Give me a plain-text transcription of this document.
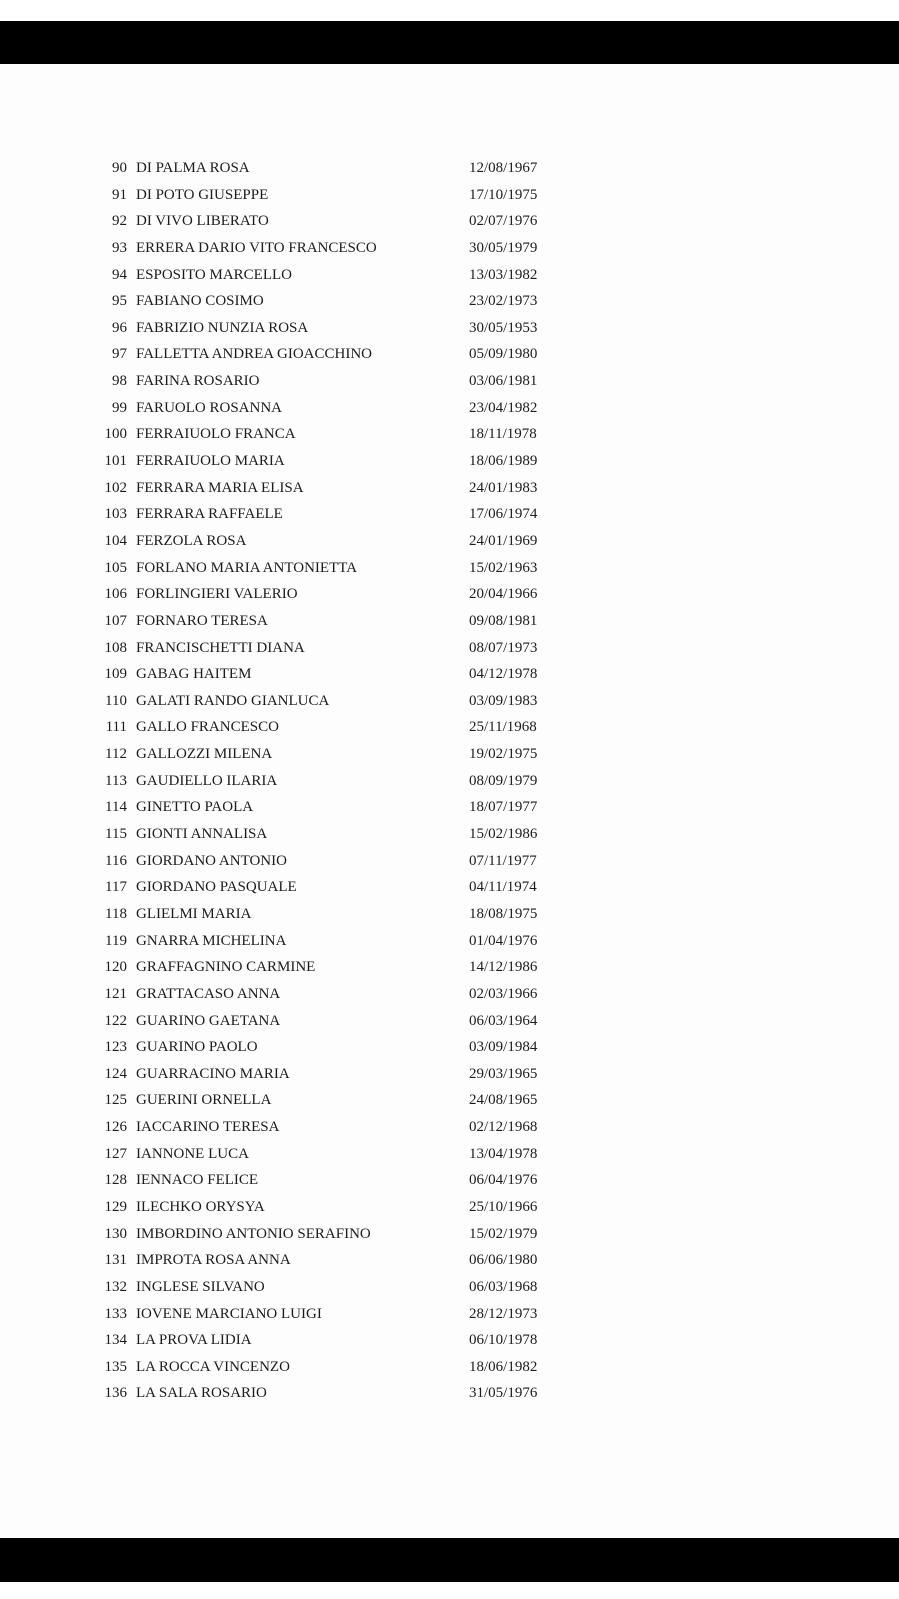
90 DI PALMA ROSA	12/08/1967
91 DI POTO GIUSEPPE	17/10/1975
92 DI VIVO LIBERATO	02/07/1976
93 ERRERA DARIO VITO FRANCESCO	30/05/1979
94 ESPOSITO MARCELLO	13/03/1982
95 FABIANO COSIMO	23/02/1973
96 FABRIZIO NUNZIA ROSA	30/05/1953
97 FALLETTA ANDREA GIOACCHINO	05/09/1980
98 FARINA ROSARIO	03/06/1981
99 FARUOLO ROSANNA	23/04/1982
100 FERRAIUOLO FRANCA	18/11/1978
101 FERRAIUOLO MARIA	18/06/1989
102 FERRARA MARIA ELISA	24/01/1983
103 FERRARA RAFFAELE	17/06/1974
104 FERZOLA ROSA	24/01/1969
105 FORLANO MARIA ANTONIETTA	15/02/1963
106 FORLINGIERI VALERIO	20/04/1966
107 FORNARO TERESA	09/08/1981
108 FRANCISCHETTI DIANA	08/07/1973
109 GABAG HAITEM	04/12/1978
110 GALATI RANDO GIANLUCA	03/09/1983
111 GALLO FRANCESCO	25/11/1968
112 GALLOZZI MILENA	19/02/1975
113 GAUDIELLO ILARIA	08/09/1979
114 GINETTO PAOLA	18/07/1977
115 GIONTI ANNALISA	15/02/1986
116 GIORDANO ANTONIO	07/11/1977
117 GIORDANO PASQUALE	04/11/1974
118 GLIELMI MARIA	18/08/1975
119 GNARRA MICHELINA	01/04/1976
120 GRAFFAGNINO CARMINE	14/12/1986
121 GRATTACASO ANNA	02/03/1966
122 GUARINO GAETANA	06/03/1964
123 GUARINO PAOLO	03/09/1984
124 GUARRACINO MARIA	29/03/1965
125 GUERINI ORNELLA	24/08/1965
126 IACCARINO TERESA	02/12/1968
127 IANNONE LUCA	13/04/1978
128 IENNACO FELICE	06/04/1976
129 ILECHKO ORYSYA	25/10/1966
130 IMBORDINO ANTONIO SERAFINO	15/02/1979
131 IMPROTA ROSA ANNA	06/06/1980
132 INGLESE SILVANO	06/03/1968
133 IOVENE MARCIANO LUIGI	28/12/1973
134 LA PROVA LIDIA	06/10/1978
135 LA ROCCA VINCENZO	18/06/1982
136 LA SALA ROSARIO	31/05/1976
